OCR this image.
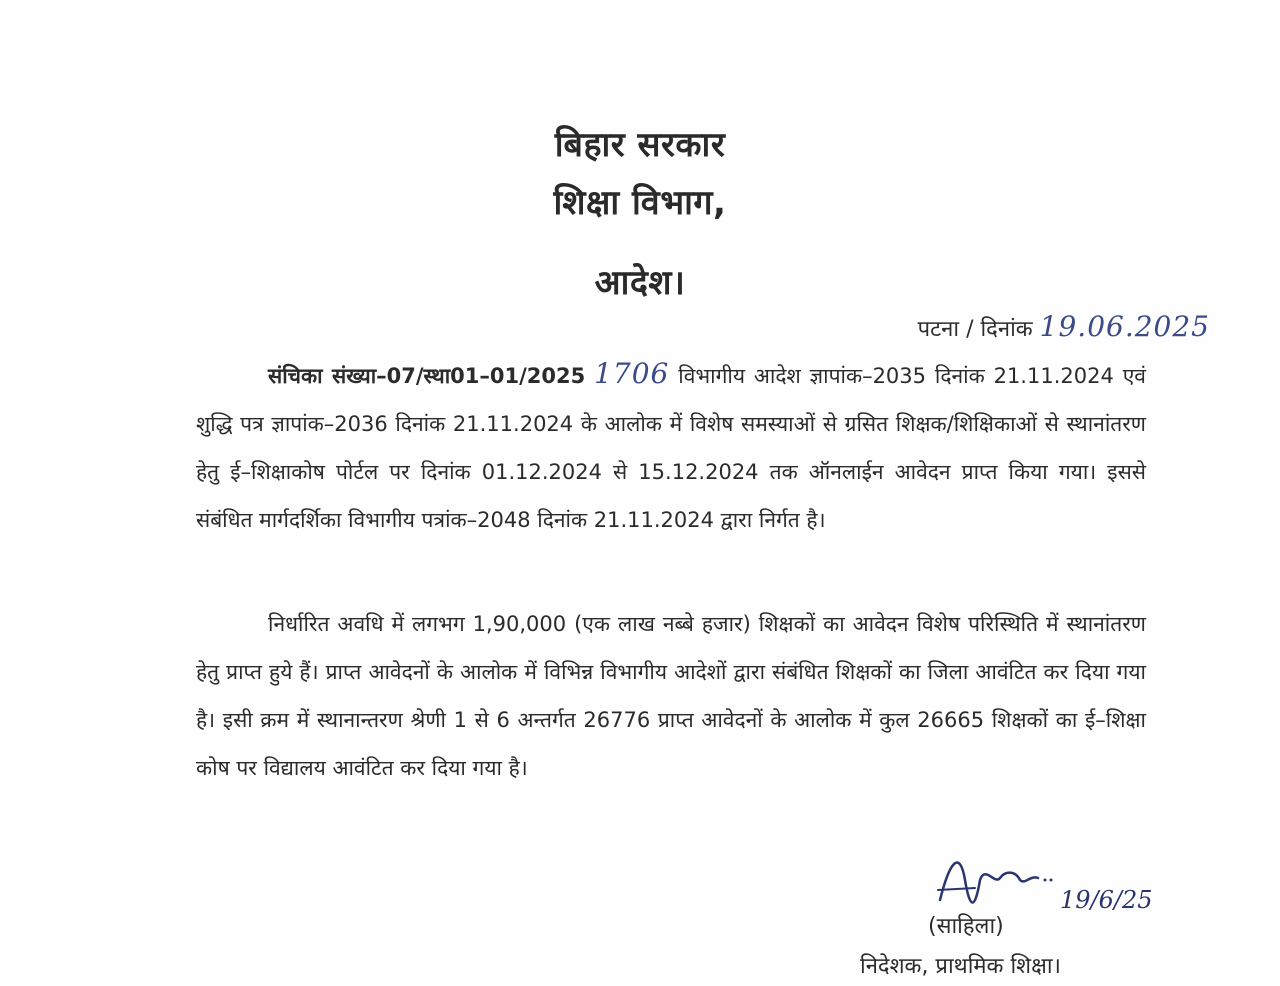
बिहार सरकार
शिक्षा विभाग,
आदेश।
पटना / दिनांक 19.06.2025

संचिका संख्या–07/स्था01–01/2025 1706 विभागीय आदेश ज्ञापांक–2035 दिनांक 21.11.2024 एवं शुद्धि पत्र ज्ञापांक–2036 दिनांक 21.11.2024 के आलोक में विशेष समस्याओं से ग्रसित शिक्षक/शिक्षिकाओं से स्थानांतरण हेतु ई–शिक्षाकोष पोर्टल पर दिनांक 01.12.2024 से 15.12.2024 तक ऑनलाईन आवेदन प्राप्त किया गया। इससे संबंधित मार्गदर्शिका विभागीय पत्रांक–2048 दिनांक 21.11.2024 द्वारा निर्गत है।

निर्धारित अवधि में लगभग 1,90,000 (एक लाख नब्बे हजार) शिक्षकों का आवेदन विशेष परिस्थिति में स्थानांतरण हेतु प्राप्त हुये हैं। प्राप्त आवेदनों के आलोक में विभिन्न विभागीय आदेशों द्वारा संबंधित शिक्षकों का जिला आवंटित कर दिया गया है। इसी क्रम में स्थानान्तरण श्रेणी 1 से 6 अन्तर्गत 26776 प्राप्त आवेदनों के आलोक में कुल 26665 शिक्षकों का ई–शिक्षा कोष पर विद्यालय आवंटित कर दिया गया है।

19/6/25
(साहिला)
निदेशक, प्राथमिक शिक्षा।
